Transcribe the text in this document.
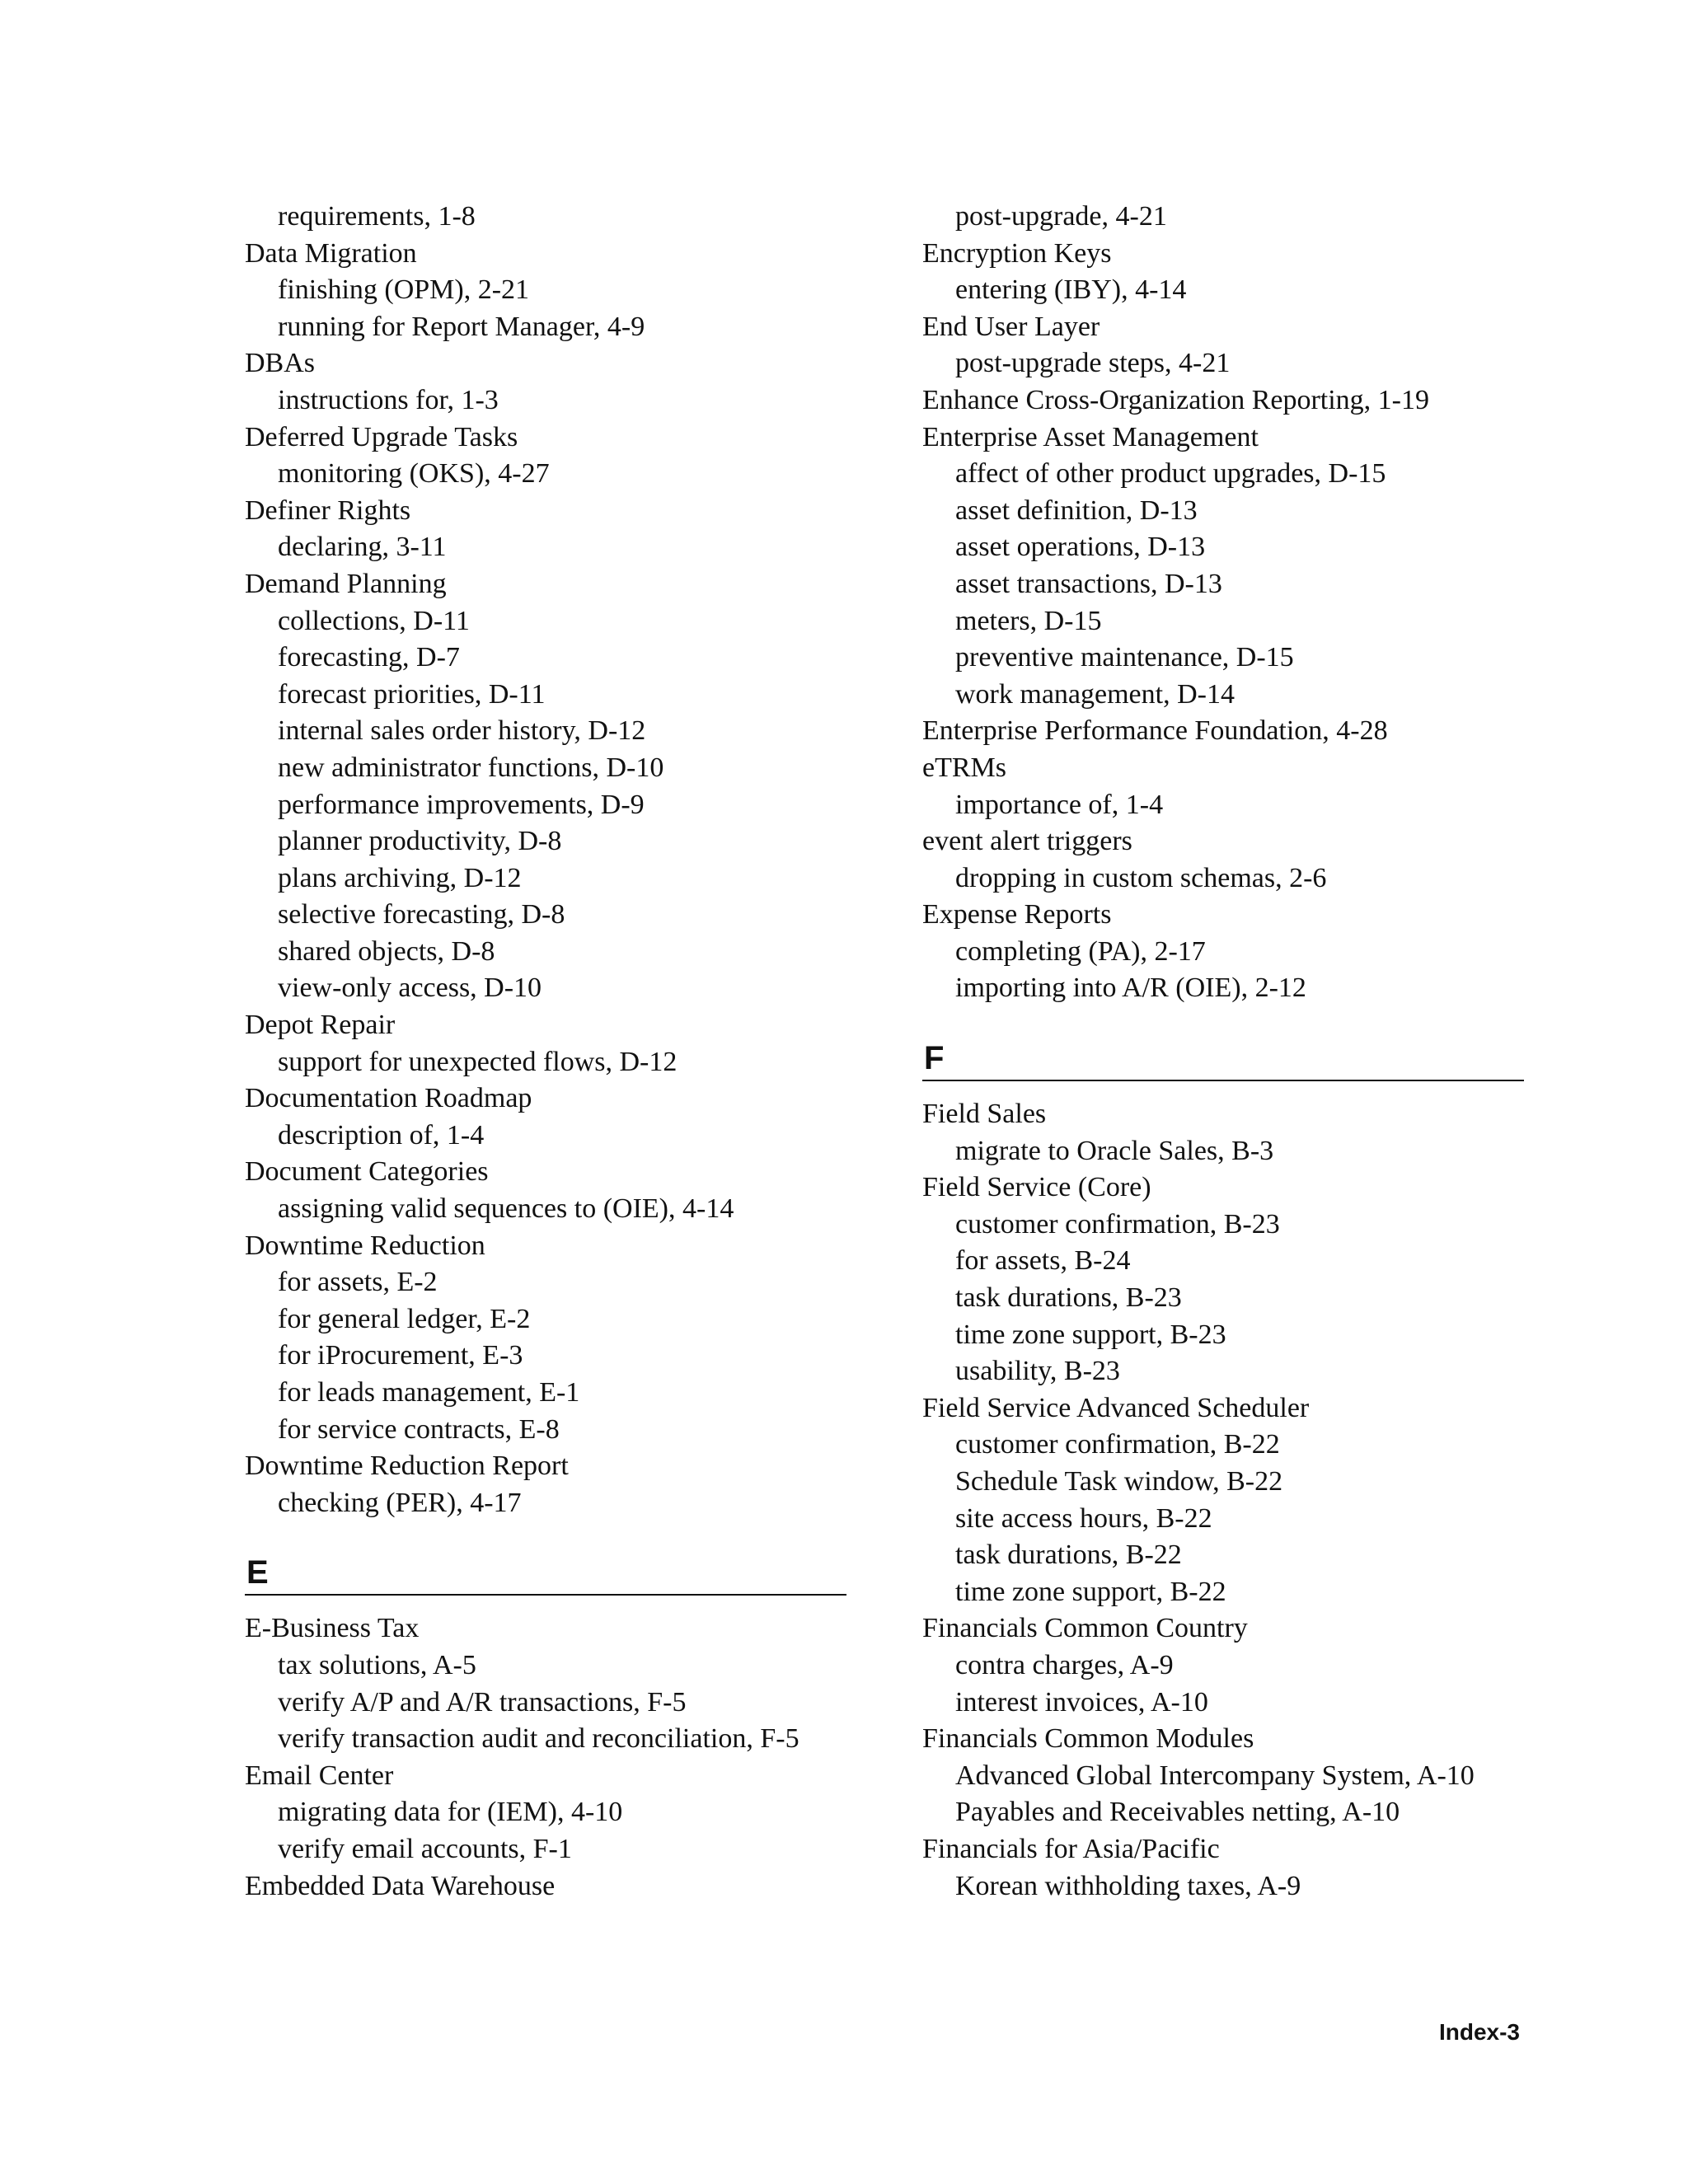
requirements, 1-8
Data Migration
finishing (OPM), 2-21
running for Report Manager, 4-9
DBAs
instructions for, 1-3
Deferred Upgrade Tasks
monitoring (OKS), 4-27
Definer Rights
declaring, 3-11
Demand Planning
collections, D-11
forecasting, D-7
forecast priorities, D-11
internal sales order history, D-12
new administrator functions, D-10
performance improvements, D-9
planner productivity, D-8
plans archiving, D-12
selective forecasting, D-8
shared objects, D-8
view-only access, D-10
Depot Repair
support for unexpected flows, D-12
Documentation Roadmap
description of, 1-4
Document Categories
assigning valid sequences to (OIE), 4-14
Downtime Reduction
for assets, E-2
for general ledger, E-2
for iProcurement, E-3
for leads management, E-1
for service contracts, E-8
Downtime Reduction Report
checking (PER), 4-17
E
E-Business Tax
tax solutions, A-5
verify A/P and A/R transactions, F-5
verify transaction audit and reconciliation, F-5
Email Center
migrating data for (IEM), 4-10
verify email accounts, F-1
Embedded Data Warehouse
post-upgrade, 4-21
Encryption Keys
entering (IBY), 4-14
End User Layer
post-upgrade steps, 4-21
Enhance Cross-Organization Reporting, 1-19
Enterprise Asset Management
affect of other product upgrades, D-15
asset definition, D-13
asset operations, D-13
asset transactions, D-13
meters, D-15
preventive maintenance, D-15
work management, D-14
Enterprise Performance Foundation, 4-28
eTRMs
importance of, 1-4
event alert triggers
dropping in custom schemas, 2-6
Expense Reports
completing (PA), 2-17
importing into A/R (OIE), 2-12
F
Field Sales
migrate to Oracle Sales, B-3
Field Service (Core)
customer confirmation, B-23
for assets, B-24
task durations, B-23
time zone support, B-23
usability, B-23
Field Service Advanced Scheduler
customer confirmation, B-22
Schedule Task window, B-22
site access hours, B-22
task durations, B-22
time zone support, B-22
Financials Common Country
contra charges, A-9
interest invoices, A-10
Financials Common Modules
Advanced Global Intercompany System, A-10
Payables and Receivables netting, A-10
Financials for Asia/Pacific
Korean withholding taxes, A-9
Index-3
